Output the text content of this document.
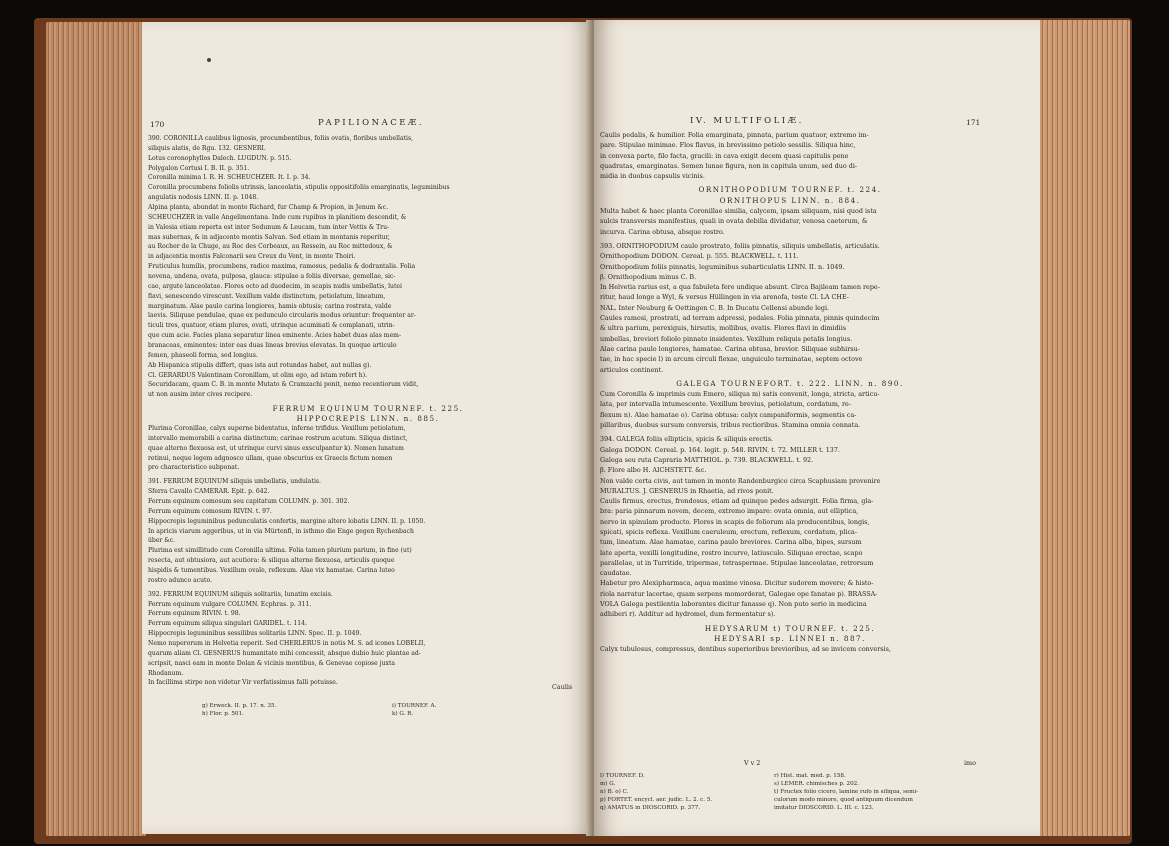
170	PAPILIONACEÆ.

390. CORONILLA caulibus lignosis, procumbentibus, foliis ovatis, floribus umbellatis,

siliquis alatis, de Rgu. 132. GESNERI.

Lotus coronophyllos Dalech. LUGDUN. p. 515.

Polygalon Cortusi I. B. II. p. 351.

Coronilla minima I. R. H. SCHEUCHZER. It. I. p. 34.

Coronilla procumbens foliolis utrinsis, lanceolatis, stipulis oppositifoliis emarginatis, leguminibus

angulatis nodosis LINN. II. p. 1048.

Alpina planta, abundat in monte Richard, fur Champ & Propion, in Jenum &c.

SCHEUCHZER in valle Angelimontana. Inde cum rupibus in planitiem descendit, &

in Valesia etiam reperta est inter Sedunum & Leucam, tum inter Vettis & Tru-

mas subernas, & in adjacente montis Salvan. Sed etiam in montanis reperitur,

au Rocher de la Chuge, au Roc des Corbeaux, au Ressein, au Roc mittedoux, &

in adjacentia montis Falconarii seu Creux du Vent, in monte Thoiri.

Fruticulus humilis, procumbens, radice maxima, ramosus, pedalis & dodrantalis. Folia

novena, undena, ovata, pulposa, glauca: stipulae a foliis diversae, gemellae, sic-

cae, argute lanceolatae. Flores octo ad duodecim, in scapis nudis umbellatis, lutei

flavi, senescendo virescunt. Vexillum valde distinctum, petiolatum, lineatum,

marginatum. Alae paulo carina longiores, hamis obtusis; carina rostrata, valde

laevis. Siliquae pendulae, quae ex pedunculo circularis modus oriuntur: frequenter ar-

ticuli tres, quatuor, etiam plures, ovati, utrinque acuminati & complanati, utrin-

que cum acie. Facies plana separatur linea eminente. Acies habet duas alas mem-

branaceas, eminentes: inter eas duas lineas brevius elevatas. In quoque articulo

femen, phaseoli forma, sed longius.

Ab Hispanica stipulis differt, quas ista aut rotundas habet, aut nullas g).

Cl. GERARDUS Valentinam Coronillam, ut olim ego, ad istam refert h).

Securidacam, quam C. B. in monte Mutato & Cramzachi ponit, nemo recentiorum vidit,

ut non ausim inter cives recipere.

FERRUM EQUINUM TOURNEF. t. 225.

HIPPOCREPIS LINN. n. 885.

Plurima Coronillae, calyx superne bidentatus, inferne trifidus. Vexillum petiolatum,

intervallo memorabili a carina distinctum; carinae rostrum acutum. Siliqua distinct,

quae alterno flexuosa est, ut utrinque curvi sinus exsculpantur k). Nomen lunatum

retinui, neque legem adgnosco ullam, quae obscurius ex Graecis fictum nomen

pro characteristico subponat.

391. FERRUM EQUINUM siliquis umbellatis, undulatis.

Sferra Cavallo CAMERAR. Epit. p. 642.

Ferrum equinum comosum seu capitatum COLUMN. p. 301. 302.

Ferrum equinum comosum RIVIN. t. 97.

Hippocrepis leguminibus pedunculatis confertis, margine altero lobatis LINN. II. p. 1050.

In apricis viarum aggeribus, ut in via Mürtenfi, in isthmo die Enge gegen Rychenbach

über &c.

Plurima est simillitudo cum Coronilla ultima. Folia tamen plurium parium, in fine (ut)

resecta, aut obtusiora, aut acutiora: & siliqua alterne flexuosa, articulis quoque

hispidis & tumentibus. Vexillum ovale, reflexum. Alae vix hamatae. Carina luteo

rostro adunco acuto.

392. FERRUM EQUINUM siliquis solitariis, lunatim excisis.

Ferrum equinum vulgare COLUMN. Ecphras. p. 311.

Ferrum equinum RIVIN. t. 98.

Ferrum equinum siliqua singulari GARIDEL. t. 114.

Hippocrepis leguminibus sessilibus solitariis LINN. Spec. II. p. 1049.

Nemo nuperorum in Helvetia reperit. Sed CHERLERUS in notis M. S. ad icones LOBELII,

quarum aliam Cl. GESNERUS humanitate mihi concessit, absque dubio huic plantae ad-

scripsit, nasci eam in monte Dolan & vicinis montibus, & Genevae copiose juxta

Rhodanum.

In facillima stirpe non videtur Vir verfatissimus falli potuisse.

Caulis

g) Erweck. II. p. 17. n. 35.

h) Flor. p. 501.

i) TOURNEF. A.

k) G. R.

IV. MULTIFOLIÆ.	171

Caulis pedalis, & humilior. Folia emarginata, pinnata, parium quatuor, extremo im-

pare. Stipulae minimae. Flos flavus, in brevissimo petiolo sessilis. Siliqua hinc,

in convexa parte, filo facta, gracili: in cava exigit decem quasi capitulis pene

quadratas, emarginatas. Semen lunae figura, non in capitula unum, sed duo di-

midia in duobus capsulis vicinis.

ORNITHOPODIUM TOURNEF. t. 224.

ORNITHOPUS LINN. n. 884.

Multa habet & haec planta Coronillae similia, calycem, ipsam siliquam, nisi quod ista

sulcis transversis manifestius, quali in ovata debilia dividatur, venosa caeterum, &

incurva. Carina obtusa, absque rostro.

393. ORNITHOPODIUM caule prostrato, foliis pinnatis, siliquis umbellatis, articulatis.

Ornithopodium DODON. Cereal. p. 555. BLACKWELL. t. 111.

Ornithopodium foliis pinnatis, leguminibus subarticulatis LINN. II. n. 1049.

β. Ornithopodium minus C. B.

In Helvetia rarius est, a qua fabuleta fere undique absunt. Circa Bajileam tamen repe-

ritur, haud longe a Wyl, & versus Hüllingen in via arenofa, teste Cl. LA CHE-

NAL. Inter Neuburg & Oettingen C. B. In Ducatu Cellensi abunde legi.

Caules ramosi, prostrati, ad terram adpressi, pedales. Folia pinnata, pinnis quindecim

& ultra parium, perexiguis, hirsutis, mollibus, ovatis. Flores flavi in dimidiis

umbellas, breviori foliolo pinnato insidentes. Vexillum reliquis petalis longius.

Alae carina paulo longiores, hamatae. Carina obtusa, brevior. Siliquae subhirsu-

tae, in hac specie l) in arcum circuli flexae, unguiculo terminatae, septem octove

articulos continent.

GALEGA TOURNEFORT. t. 222. LINN. n. 890.

Cum Coronilla & imprimis cum Emero, siliqua m) satis convenit, longa, stricta, articu-

lata, per intervalla intumescente. Vexillum brevius, petiolatum, cordatum, re-

flexum n). Alae hamatae o). Carina obtusa: calyx campaniformis, segmentis ca-

pillaribus, duobus sursum conversis, tribus rectioribus. Stamina omnia connata.

394. GALEGA foliis ellipticis, spicis & siliquis erectis.

Galega DODON. Cereal. p. 164. legit. p. 548. RIVIN. t. 72. MILLER t. 137.

Galega seu ruta Capraria MATTHIOL. p. 739. BLACKWELL. t. 92.

β. Flore albo H. AICHSTETT. &c.

Non valde certa civis, aut tamen in monte Randenburgico circa Scaphusiam provenire

MURALTUS. J. GESNERUS in Rhaetia, ad rivos ponit.

Caulis firmus, erectus, frondosus, etiam ad quinque pedes adsurgit. Folia firma, gla-

bra: paria pinnarum novem, decem, extremo impare: ovata omnia, aut elliptica,

nervo in spinulam producto. Flores in scapis de foliorum ala producentibus, longis,

spicati, spicis reflexa. Vexillum caeruleum, erectum, reflexum, cordatum, plica-

tum, lineatum. Alae hamatae, carina paulo breviores. Carina alba, bipes, sursum

late aperta, vexilli longitudine, rostro incurvo, latiusculo. Siliquae erectae, scapo

parallelae, ut in Turritide, tripermae, tetraspermae. Stipulae lanceolatae, retrorsum

caudatae.

Habetur pro Alexipharmaca, aqua maxime vinosa. Dicitur sudorem movere; & histo-

riola narratur lacertae, quam serpens momorderat, Galegae ope fanatae p). BRASSA-

VOLA Galega pestilentia laborantes dicitur fanasse q). Non puto serio in medicina

adhiberi r). Additur ad hydromel, dum fermentatur s).

HEDYSARUM t) TOURNEF. t. 225.

HEDYSARI sp. LINNEI n. 887.

Calyx tubulosus, compressus, dentibus superioribus brevioribus, ad se invicem conversis,

V v 2	imo

l) TOURNEF. D.

m) G.

n) B. o) C.

p) FORTET. encycl. aer. judic. L. 2. c. 5.

q) AMATUS in DIOSCORID. p. 377.

r) Hist. mat. med. p. 158.

s) LEMER. chimisches p. 202.

t) Fructex folio cicero, lamine rufo in siliqua, semi-

culorum modo minore, quod antiquum dicendum

imitatur DIOSCORID. L. III. c. 123.
